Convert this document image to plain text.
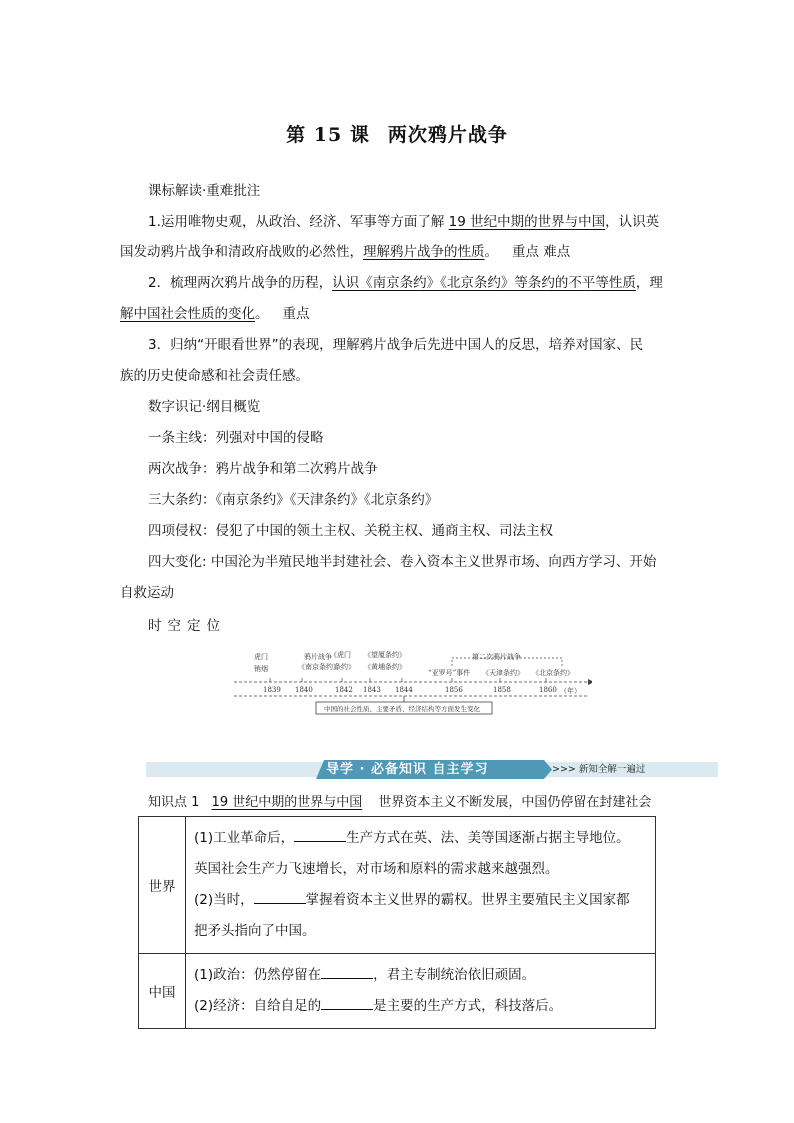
第 15 课 两次鸦片战争
课标解读·重难批注
1.运用唯物史观，从政治、经济、军事等方面了解 19 世纪中期的世界与中国，认识英
国发动鸦片战争和清政府战败的必然性，理解鸦片战争的性质。 重点 难点
2．梳理两次鸦片战争的历程，认识《南京条约》《北京条约》等条约的不平等性质，理
解中国社会性质的变化。 重点
3．归纳“开眼看世界”的表现，理解鸦片战争后先进中国人的反思，培养对国家、民
族的历史使命感和社会责任感。
数字识记·纲目概览
一条主线：列强对中国的侵略
两次战争：鸦片战争和第二次鸦片战争
三大条约：《南京条约》《天津条约》《北京条约》
四项侵权：侵犯了中国的领土主权、关税主权、通商主权、司法主权
四大变化: 中国沦为半殖民地半封建社会、卷入资本主义世界市场、向西方学习、开始
自救运动
时空定位
虎门
销烟
鸦片战争
《南京条约》
《虎门
条约》
《望厦条约》
《黄埔条约》
第二次鸦片战争
“亚罗号”事件 《天津条约》 《北京条约》
1839 1840	1842 1843 1844	1856	1858	1860 （年）
中国的社会性质、主要矛盾、经济结构等方面发生变化
导学 · 必备知识 自主学习	>>> 新知全解一遍过
知识点 1 19 世纪中期的世界与中国 世界资本主义不断发展，中国仍停留在封建社会
世界	(1)工业革命后， 生产方式在英、法、美等国逐渐占据主导地位。
英国社会生产力飞速增长，对市场和原料的需求越来越强烈。
(2)当时， 掌握着资本主义世界的霸权。世界主要殖民主义国家都
把矛头指向了中国。

中国	(1)政治：仍然停留在 ，君主专制统治依旧顽固。
(2)经济：自给自足的 是主要的生产方式，科技落后。
